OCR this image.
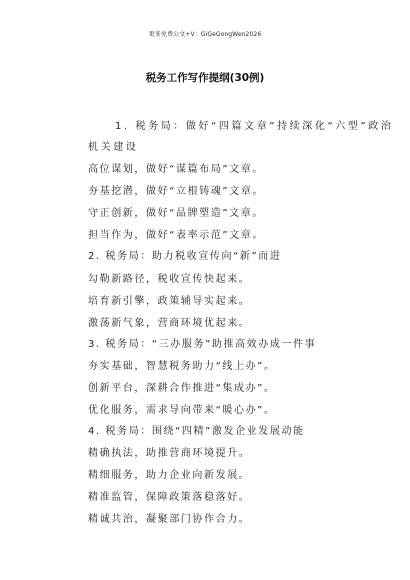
更多免费公文+V：GiGeGongWen2026
税务工作写作提纲(30例)
1. 税务局：做好“四篇文章”持续深化“六型”政治
机关建设
高位谋划，做好“谋篇布局”文章。
夯基挖潜，做好“立根铸魂”文章。
守正创新，做好“品牌塑造”文章。
担当作为，做好“表率示范”文章。
2. 税务局：助力税收宣传向“新”而进
勾勒新路径，税收宣传快起来。
培育新引擎，政策辅导实起来。
激荡新气象，营商环境优起来。
3. 税务局：“三办服务”助推高效办成一件事
夯实基础，智慧税务助力“线上办”。
创新平台，深耕合作推进“集成办”。
优化服务，需求导向带来“暖心办”。
4. 税务局：围绕“四精”激发企业发展动能
精确执法，助推营商环境提升。
精细服务，助力企业向新发展。
精准监管，保障政策落稳落好。
精诚共治，凝聚部门协作合力。
